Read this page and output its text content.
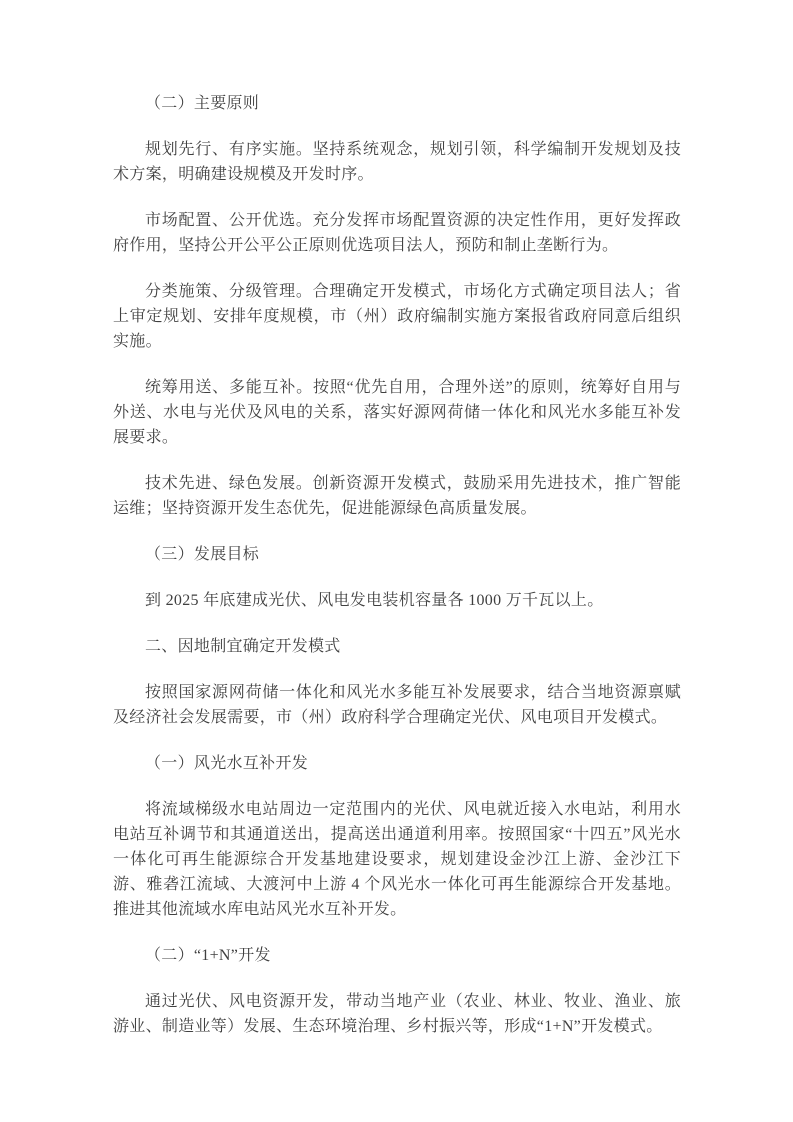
（二）主要原则

规划先行、有序实施。坚持系统观念，规划引领，科学编制开发规划及技术方案，明确建设规模及开发时序。

市场配置、公开优选。充分发挥市场配置资源的决定性作用，更好发挥政府作用，坚持公开公平公正原则优选项目法人，预防和制止垄断行为。

分类施策、分级管理。合理确定开发模式，市场化方式确定项目法人；省上审定规划、安排年度规模，市（州）政府编制实施方案报省政府同意后组织实施。

统筹用送、多能互补。按照“优先自用，合理外送”的原则，统筹好自用与外送、水电与光伏及风电的关系，落实好源网荷储一体化和风光水多能互补发展要求。

技术先进、绿色发展。创新资源开发模式，鼓励采用先进技术，推广智能运维；坚持资源开发生态优先，促进能源绿色高质量发展。

（三）发展目标

到 2025 年底建成光伏、风电发电装机容量各 1000 万千瓦以上。

二、因地制宜确定开发模式

按照国家源网荷储一体化和风光水多能互补发展要求，结合当地资源禀赋及经济社会发展需要，市（州）政府科学合理确定光伏、风电项目开发模式。

（一）风光水互补开发

将流域梯级水电站周边一定范围内的光伏、风电就近接入水电站，利用水电站互补调节和其通道送出，提高送出通道利用率。按照国家“十四五”风光水一体化可再生能源综合开发基地建设要求，规划建设金沙江上游、金沙江下游、雅砻江流域、大渡河中上游 4 个风光水一体化可再生能源综合开发基地。推进其他流域水库电站风光水互补开发。

（二）“1+N”开发

通过光伏、风电资源开发，带动当地产业（农业、林业、牧业、渔业、旅游业、制造业等）发展、生态环境治理、乡村振兴等，形成“1+N”开发模式。
